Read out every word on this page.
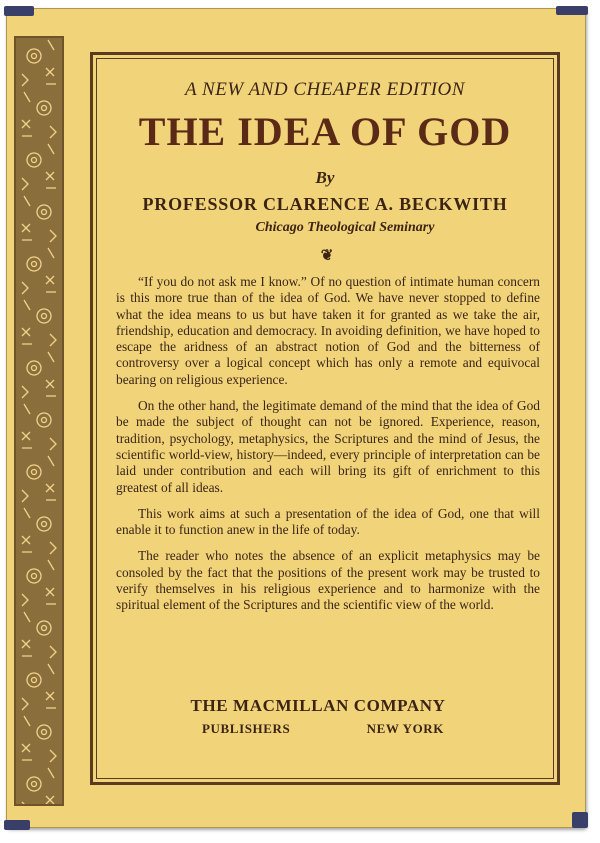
A NEW AND CHEAPER EDITION
THE IDEA OF GOD
By
PROFESSOR CLARENCE A. BECKWITH
Chicago Theological Seminary
❦

“If you do not ask me I know.” Of no question of intimate human concern is this more true than of the idea of God. We have never stopped to define what the idea means to us but have taken it for granted as we take the air, friendship, education and democracy. In avoiding definition, we have hoped to escape the aridness of an abstract notion of God and the bitterness of controversy over a logical concept which has only a remote and equivocal bearing on religious experience.

On the other hand, the legitimate demand of the mind that the idea of God be made the subject of thought can not be ignored. Experience, reason, tradition, psychology, metaphysics, the Scriptures and the mind of Jesus, the scientific world-view, history—indeed, every principle of interpretation can be laid under contribution and each will bring its gift of enrichment to this greatest of all ideas.

This work aims at such a presentation of the idea of God, one that will enable it to function anew in the life of today.

The reader who notes the absence of an explicit metaphysics may be consoled by the fact that the positions of the present work may be trusted to verify themselves in his religious experience and to harmonize with the spiritual element of the Scriptures and the scientific view of the world.

THE MACMILLAN COMPANY
PUBLISHERS	NEW YORK
